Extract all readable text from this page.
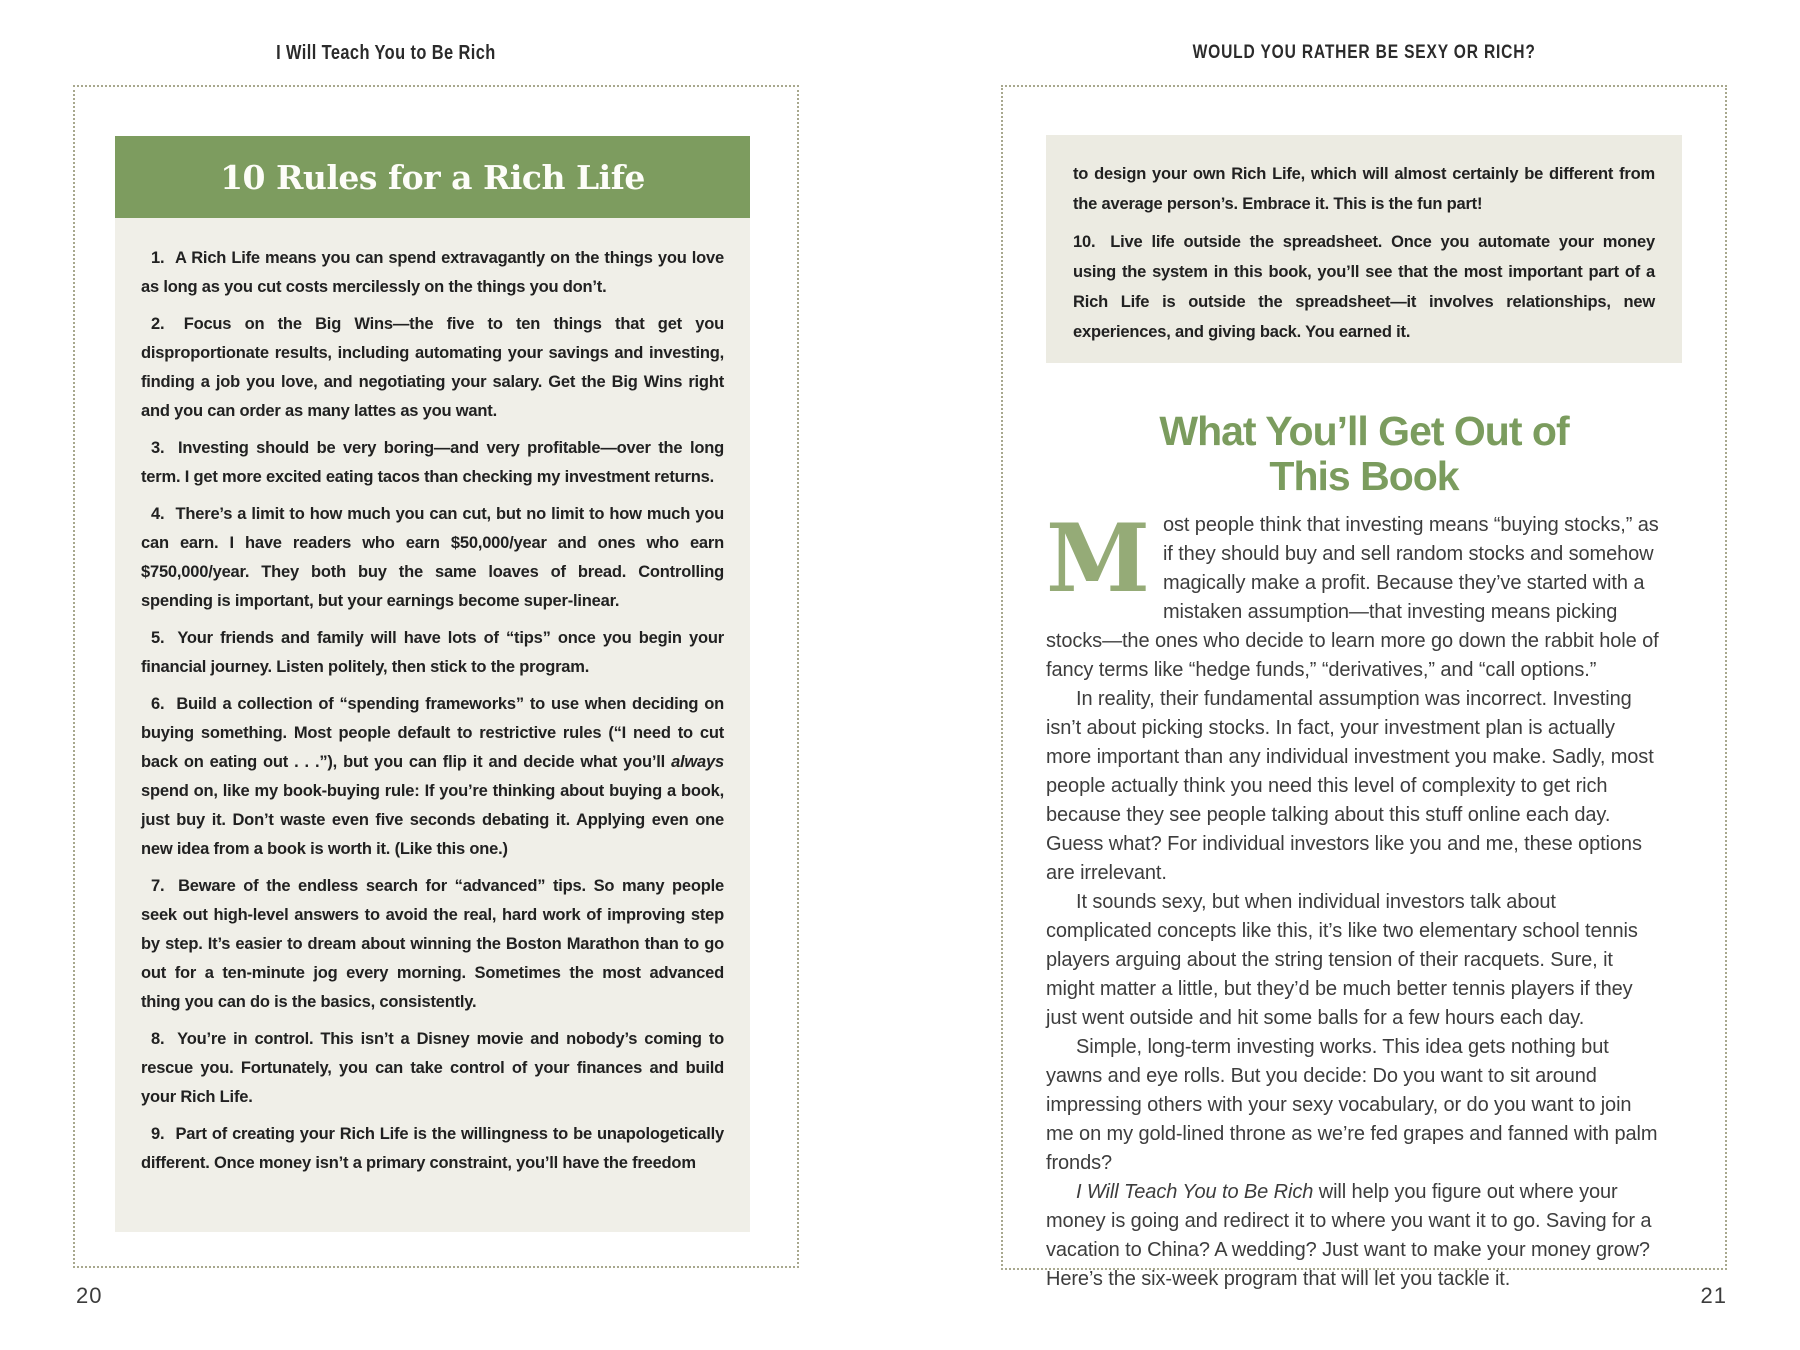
I Will Teach You to Be Rich
10 Rules for a Rich Life

1. A Rich Life means you can spend extravagantly on the things you love as long as you cut costs mercilessly on the things you don’t.

2. Focus on the Big Wins—the five to ten things that get you disproportionate results, including automating your savings and investing, finding a job you love, and negotiating your salary. Get the Big Wins right and you can order as many lattes as you want.

3. Investing should be very boring—and very profitable—over the long term. I get more excited eating tacos than checking my investment returns.

4. There’s a limit to how much you can cut, but no limit to how much you can earn. I have readers who earn $50,000/year and ones who earn $750,000/year. They both buy the same loaves of bread. Controlling spending is important, but your earnings become super-linear.

5. Your friends and family will have lots of “tips” once you begin your financial journey. Listen politely, then stick to the program.

6. Build a collection of “spending frameworks” to use when deciding on buying something. Most people default to restrictive rules (“I need to cut back on eating out . . .”), but you can flip it and decide what you’ll always spend on, like my book-buying rule: If you’re thinking about buying a book, just buy it. Don’t waste even five seconds debating it. Applying even one new idea from a book is worth it. (Like this one.)

7. Beware of the endless search for “advanced” tips. So many people seek out high-level answers to avoid the real, hard work of improving step by step. It’s easier to dream about winning the Boston Marathon than to go out for a ten-minute jog every morning. Sometimes the most advanced thing you can do is the basics, consistently.

8. You’re in control. This isn’t a Disney movie and nobody’s coming to rescue you. Fortunately, you can take control of your finances and build your Rich Life.

9. Part of creating your Rich Life is the willingness to be unapologetically different. Once money isn’t a primary constraint, you’ll have the freedom

20
WOULD YOU RATHER BE SEXY OR RICH?

to design your own Rich Life, which will almost certainly be different from the average person’s. Embrace it. This is the fun part!

10. Live life outside the spreadsheet. Once you automate your money using the system in this book, you’ll see that the most important part of a Rich Life is outside the spreadsheet—it involves relationships, new experiences, and giving back. You earned it.

What You’ll Get Out of
This Book

Most people think that investing means “buying stocks,” as if they should buy and sell random stocks and somehow magically make a profit. Because they’ve started with a mistaken assumption—that investing means picking stocks—the ones who decide to learn more go down the rabbit hole of fancy terms like “hedge funds,” “derivatives,” and “call options.”

In reality, their fundamental assumption was incorrect. Investing isn’t about picking stocks. In fact, your investment plan is actually more important than any individual investment you make. Sadly, most people actually think you need this level of complexity to get rich because they see people talking about this stuff online each day. Guess what? For individual investors like you and me, these options are irrelevant.

It sounds sexy, but when individual investors talk about complicated concepts like this, it’s like two elementary school tennis players arguing about the string tension of their racquets. Sure, it might matter a little, but they’d be much better tennis players if they just went outside and hit some balls for a few hours each day.

Simple, long-term investing works. This idea gets nothing but yawns and eye rolls. But you decide: Do you want to sit around impressing others with your sexy vocabulary, or do you want to join me on my gold-lined throne as we’re fed grapes and fanned with palm fronds?

I Will Teach You to Be Rich will help you figure out where your money is going and redirect it to where you want it to go. Saving for a vacation to China? A wedding? Just want to make your money grow? Here’s the six-week program that will let you tackle it.

21
